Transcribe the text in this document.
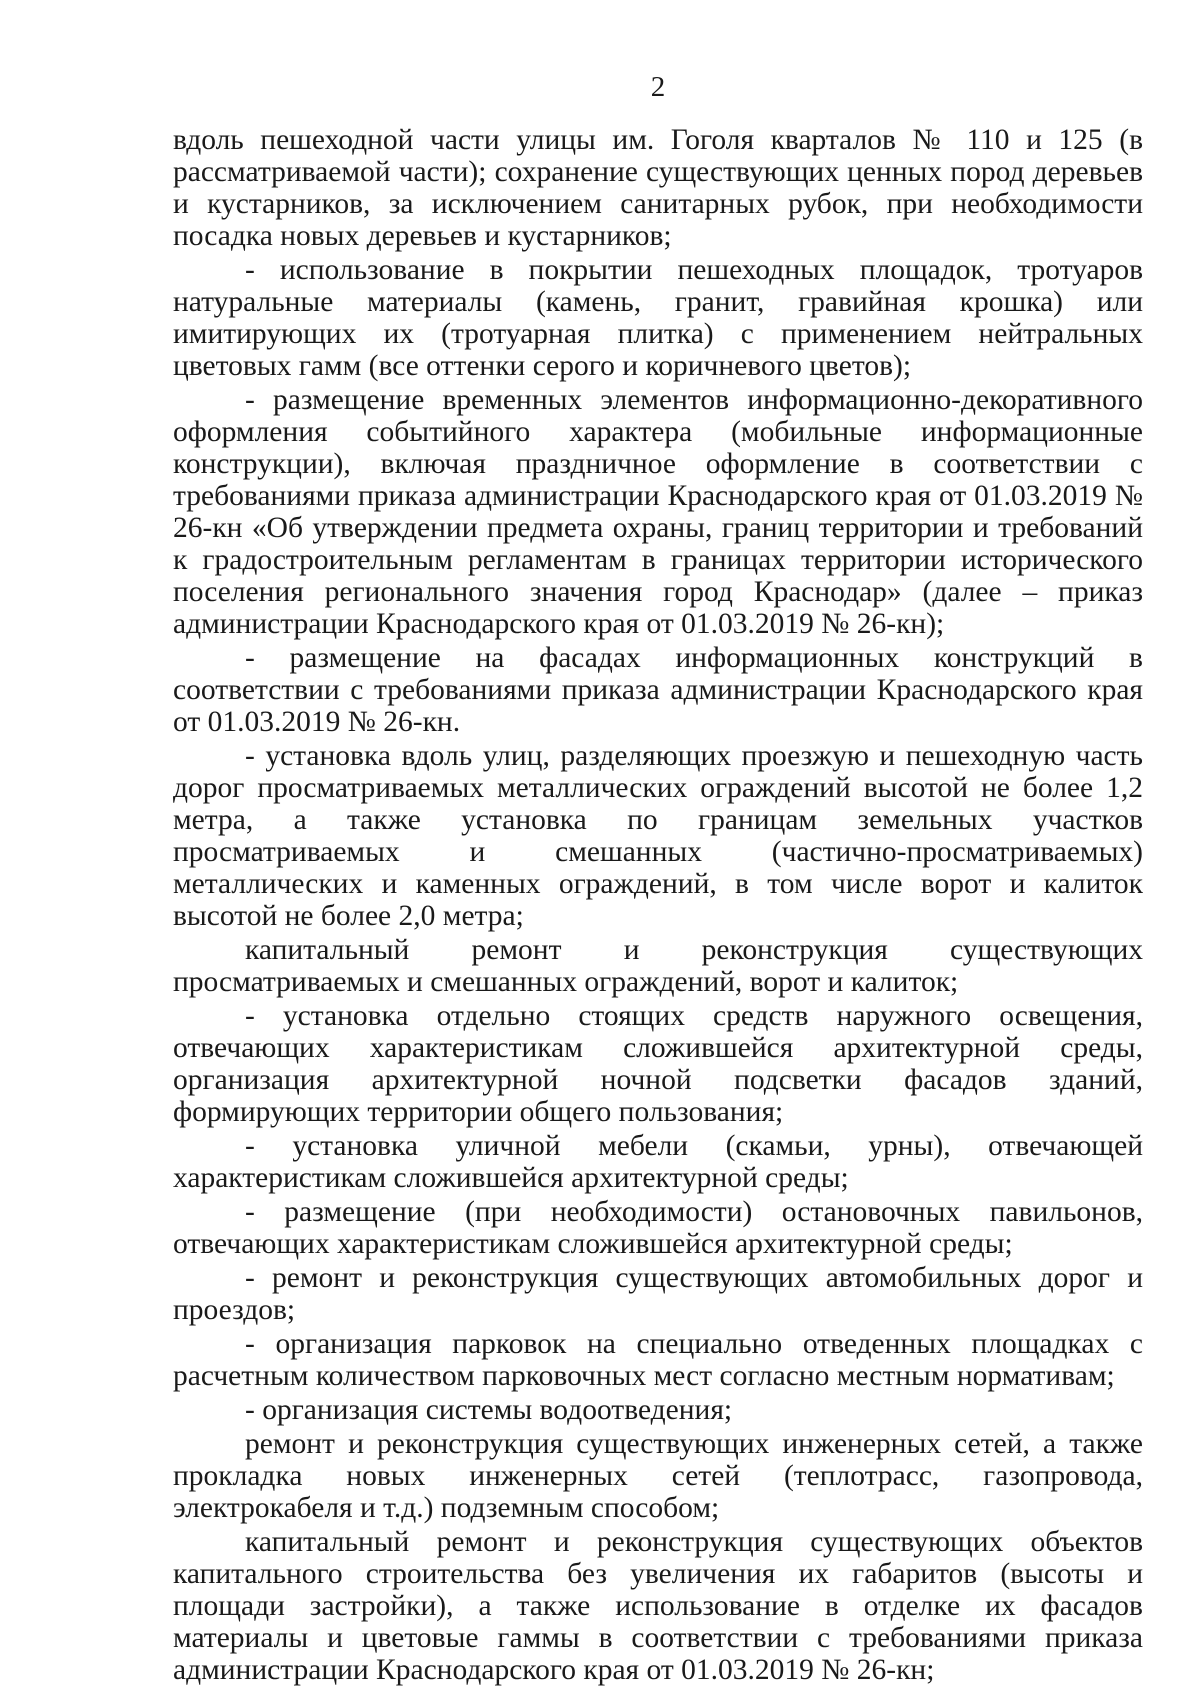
2

вдоль пешеходной части улицы им. Гоголя кварталов № 110 и 125 (в рассматриваемой части); сохранение существующих ценных пород деревьев и кустарников, за исключением санитарных рубок, при необходимости посадка новых деревьев и кустарников;

- использование в покрытии пешеходных площадок, тротуаров натуральные материалы (камень, гранит, гравийная крошка) или имитирующих их (тротуарная плитка) с применением нейтральных цветовых гамм (все оттенки серого и коричневого цветов);

- размещение временных элементов информационно-декоративного оформления событийного характера (мобильные информационные конструкции), включая праздничное оформление в соответствии с требованиями приказа администрации Краснодарского края от 01.03.2019 № 26-кн «Об утверждении предмета охраны, границ территории и требований к градостроительным регламентам в границах территории исторического поселения регионального значения город Краснодар» (далее – приказ администрации Краснодарского края от 01.03.2019 № 26-кн);

- размещение на фасадах информационных конструкций в соответствии с требованиями приказа администрации Краснодарского края от 01.03.2019 № 26-кн.

- установка вдоль улиц, разделяющих проезжую и пешеходную часть дорог просматриваемых металлических ограждений высотой не более 1,2 метра, а также установка по границам земельных участков просматриваемых и смешанных (частично-просматриваемых) металлических и каменных ограждений, в том числе ворот и калиток высотой не более 2,0 метра;

капитальный ремонт и реконструкция существующих просматриваемых и смешанных ограждений, ворот и калиток;

- установка отдельно стоящих средств наружного освещения, отвечающих характеристикам сложившейся архитектурной среды, организация архитектурной ночной подсветки фасадов зданий, формирующих территории общего пользования;

- установка уличной мебели (скамьи, урны), отвечающей характеристикам сложившейся архитектурной среды;

- размещение (при необходимости) остановочных павильонов, отвечающих характеристикам сложившейся архитектурной среды;

- ремонт и реконструкция существующих автомобильных дорог и проездов;

- организация парковок на специально отведенных площадках с расчетным количеством парковочных мест согласно местным нормативам;

- организация системы водоотведения;

ремонт и реконструкция существующих инженерных сетей, а также прокладка новых инженерных сетей (теплотрасс, газопровода, электрокабеля и т.д.) подземным способом;

капитальный ремонт и реконструкция существующих объектов капитального строительства без увеличения их габаритов (высоты и площади застройки), а также использование в отделке их фасадов материалы и цветовые гаммы в соответствии с требованиями приказа администрации Краснодарского края от 01.03.2019 № 26-кн;
